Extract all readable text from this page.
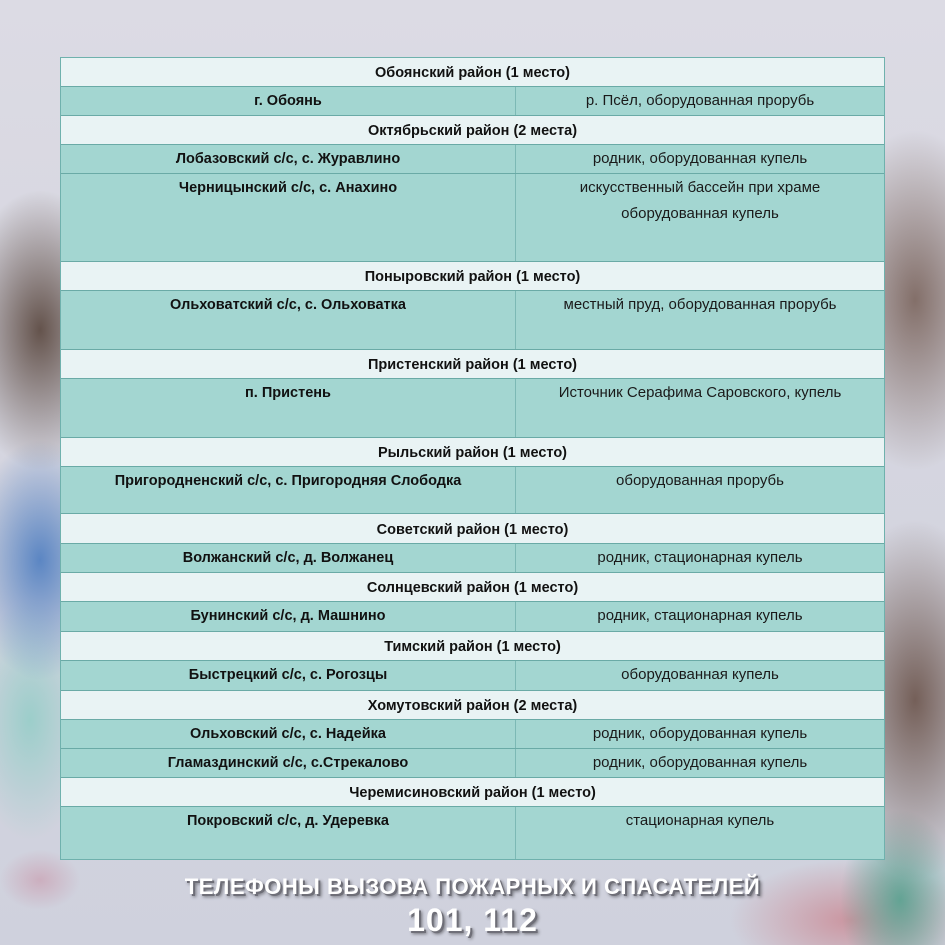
Обоянский район (1 место)
г. Обоянь	р. Псёл, оборудованная прорубь
Октябрьский район (2 места)
Лобазовский с/с, с. Журавлино	родник, оборудованная купель
Черницынский с/с, с. Анахино	искусственный бассейн при храме оборудованная купель
Поныровский район (1 место)
Ольховатский с/с, с. Ольховатка	местный пруд, оборудованная прорубь
Пристенский район (1 место)
п. Пристень	Источник Серафима Саровского, купель
Рыльский район (1 место)
Пригородненский с/с, с. Пригородняя Слободка	оборудованная прорубь
Советский район (1 место)
Волжанский с/с, д. Волжанец	родник, стационарная купель
Солнцевский район (1 место)
Бунинский с/с, д. Машнино	родник, стационарная купель
Тимский район (1 место)
Быстрецкий с/с, с. Рогозцы	оборудованная купель
Хомутовский район (2 места)
Ольховский с/с, с. Надейка	родник, оборудованная купель
Гламаздинский с/с, с.Стрекалово	родник, оборудованная купель
Черемисиновский район (1 место)
Покровский с/с, д. Удеревка	стационарная купель
ТЕЛЕФОНЫ ВЫЗОВА ПОЖАРНЫХ И СПАСАТЕЛЕЙ
101, 112
